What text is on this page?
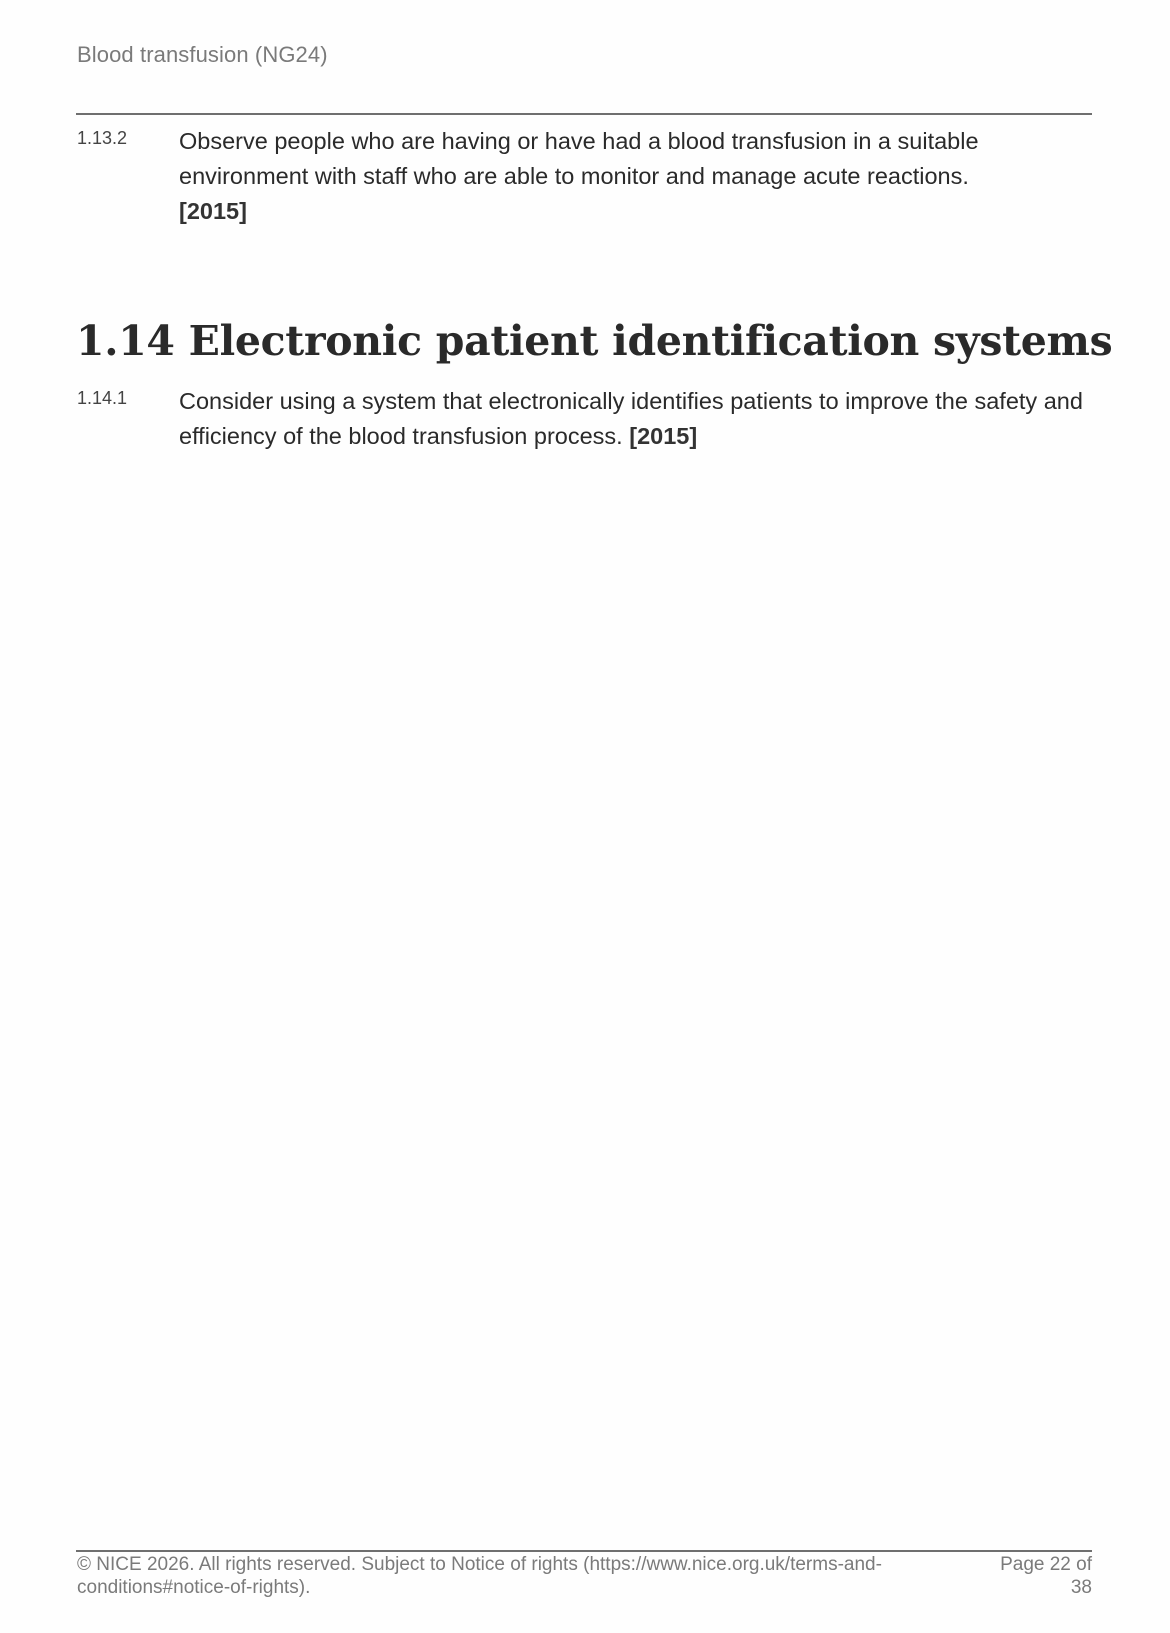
Blood transfusion (NG24)
1.13.2 Observe people who are having or have had a blood transfusion in a suitable environment with staff who are able to monitor and manage acute reactions.
[2015]

1.14 Electronic patient identification systems
1.14.1 Consider using a system that electronically identifies patients to improve the safety and efficiency of the blood transfusion process. [2015]

© NICE 2026. All rights reserved. Subject to Notice of rights (https://www.nice.org.uk/terms-and-conditions#notice-of-rights).
Page 22 of 38
